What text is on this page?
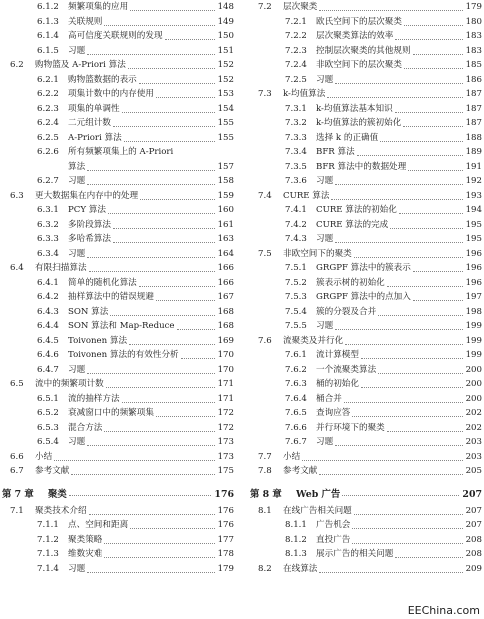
6.1.2 频繁项集的应用	148
6.1.3 关联规则	149
6.1.4 高可信度关联规则的发现	150
6.1.5 习题	151
6.2 购物篮及 A-Priori 算法	152
6.2.1 购物篮数据的表示	152
6.2.2 项集计数中的内存使用	153
6.2.3 项集的单调性	154
6.2.4 二元组计数	155
6.2.5 A-Priori 算法	155
6.2.6 所有频繁项集上的 A-Priori
算法	157
6.2.7 习题	158
6.3 更大数据集在内存中的处理	159
6.3.1 PCY 算法	160
6.3.2 多阶段算法	161
6.3.3 多哈希算法	163
6.3.4 习题	164
6.4 有限扫描算法	166
6.4.1 简单的随机化算法	166
6.4.2 抽样算法中的错误规避	167
6.4.3 SON 算法	168
6.4.4 SON 算法和 Map-Reduce	168
6.4.5 Toivonen 算法	169
6.4.6 Toivonen 算法的有效性分析	170
6.4.7 习题	170
6.5 流中的频繁项计数	171
6.5.1 流的抽样方法	171
6.5.2 衰减窗口中的频繁项集	172
6.5.3 混合方法	172
6.5.4 习题	173
6.6 小结	173
6.7 参考文献	175
第 7 章 聚类	176
7.1 聚类技术介绍	176
7.1.1 点、空间和距离	176
7.1.2 聚类策略	177
7.1.3 维数灾难	178
7.1.4 习题	179
7.2 层次聚类	179
7.2.1 欧氏空间下的层次聚类	180
7.2.2 层次聚类算法的效率	183
7.2.3 控制层次聚类的其他规则	183
7.2.4 非欧空间下的层次聚类	185
7.2.5 习题	186
7.3 k-均值算法	187
7.3.1 k-均值算法基本知识	187
7.3.2 k-均值算法的簇初始化	187
7.3.3 选择 k 的正确值	188
7.3.4 BFR 算法	189
7.3.5 BFR 算法中的数据处理	191
7.3.6 习题	192
7.4 CURE 算法	193
7.4.1 CURE 算法的初始化	194
7.4.2 CURE 算法的完成	195
7.4.3 习题	195
7.5 非欧空间下的聚类	196
7.5.1 GRGPF 算法中的簇表示	196
7.5.2 簇表示树的初始化	196
7.5.3 GRGPF 算法中的点加入	197
7.5.4 簇的分裂及合并	198
7.5.5 习题	199
7.6 流聚类及并行化	199
7.6.1 流计算模型	199
7.6.2 一个流聚类算法	200
7.6.3 桶的初始化	200
7.6.4 桶合并	200
7.6.5 查询应答	202
7.6.6 并行环境下的聚类	202
7.6.7 习题	203
7.7 小结	203
7.8 参考文献	205
第 8 章 Web 广告	207
8.1 在线广告相关问题	207
8.1.1 广告机会	207
8.1.2 直投广告	208
8.1.3 展示广告的相关问题	208
8.2 在线算法	209
EEChina.com
